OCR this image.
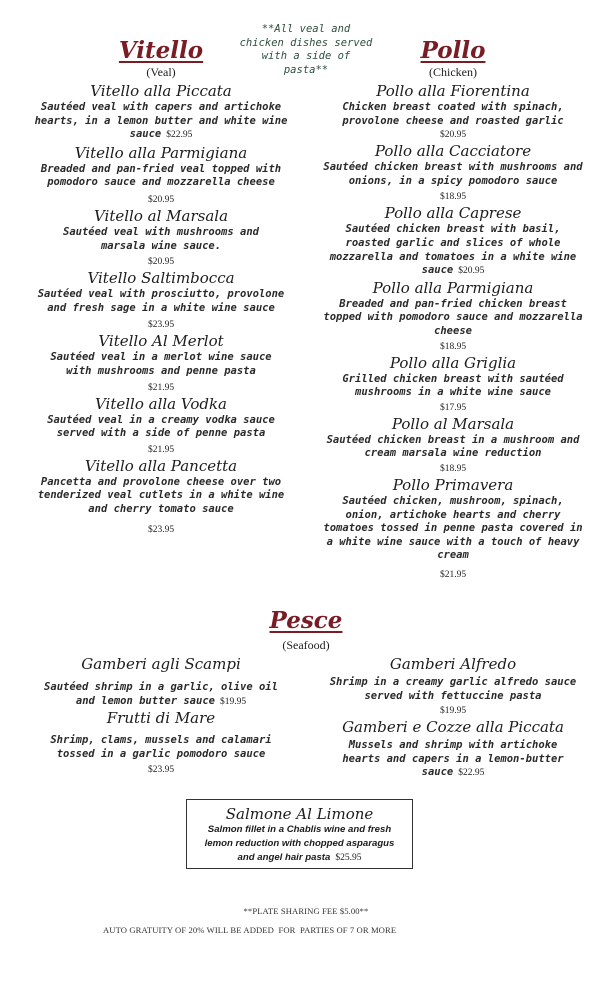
**All veal and chicken dishes served with a side of pasta**
Vitello
(Veal)
Vitello alla Piccata
Sautéed veal with capers and artichoke hearts, in a lemon butter and white wine sauce $22.95
Vitello alla Parmigiana
Breaded and pan-fried veal topped with pomodoro sauce and mozzarella cheese
$20.95
Vitello al Marsala
Sautéed veal with mushrooms and marsala wine sauce.
$20.95
Vitello Saltimbocca
Sautéed veal with prosciutto, provolone and fresh sage in a white wine sauce
$23.95
Vitello Al Merlot
Sautéed veal in a merlot wine sauce with mushrooms and penne pasta
$21.95
Vitello alla Vodka
Sautéed veal in a creamy vodka sauce served with a side of penne pasta
$21.95
Vitello alla Pancetta
Pancetta and provolone cheese over two tenderized veal cutlets in a white wine and cherry tomato sauce
$23.95
Pollo
(Chicken)
Pollo alla Fiorentina
Chicken breast coated with spinach, provolone cheese and roasted garlic
$20.95
Pollo alla Cacciatore
Sautéed chicken breast with mushrooms and onions, in a spicy pomodoro sauce
$18.95
Pollo alla Caprese
Sautéed chicken breast with basil, roasted garlic and slices of whole mozzarella and tomatoes in a white wine sauce $20.95
Pollo alla Parmigiana
Breaded and pan-fried chicken breast topped with pomodoro sauce and mozzarella cheese
$18.95
Pollo alla Griglia
Grilled chicken breast with sautéed mushrooms in a white wine sauce
$17.95
Pollo al Marsala
Sautéed chicken breast in a mushroom and cream marsala wine reduction
$18.95
Pollo Primavera
Sautéed chicken, mushroom, spinach, onion, artichoke hearts and cherry tomatoes tossed in penne pasta covered in a white wine sauce with a touch of heavy cream
$21.95
Pesce
(Seafood)
Gamberi agli Scampi
Sautéed shrimp in a garlic, olive oil and lemon butter sauce $19.95
Frutti di Mare
Shrimp, clams, mussels and calamari tossed in a garlic pomodoro sauce
$23.95
Gamberi Alfredo
Shrimp in a creamy garlic alfredo sauce served with fettuccine pasta
$19.95
Gamberi e Cozze alla Piccata
Mussels and shrimp with artichoke hearts and capers in a lemon-butter sauce $22.95
Salmone Al Limone
Salmon fillet in a Chablis wine and fresh lemon reduction with chopped asparagus and angel hair pasta $25.95
**PLATE SHARING FEE $5.00**
AUTO GRATUITY OF 20% WILL BE ADDED  FOR  PARTIES OF 7 OR MORE
